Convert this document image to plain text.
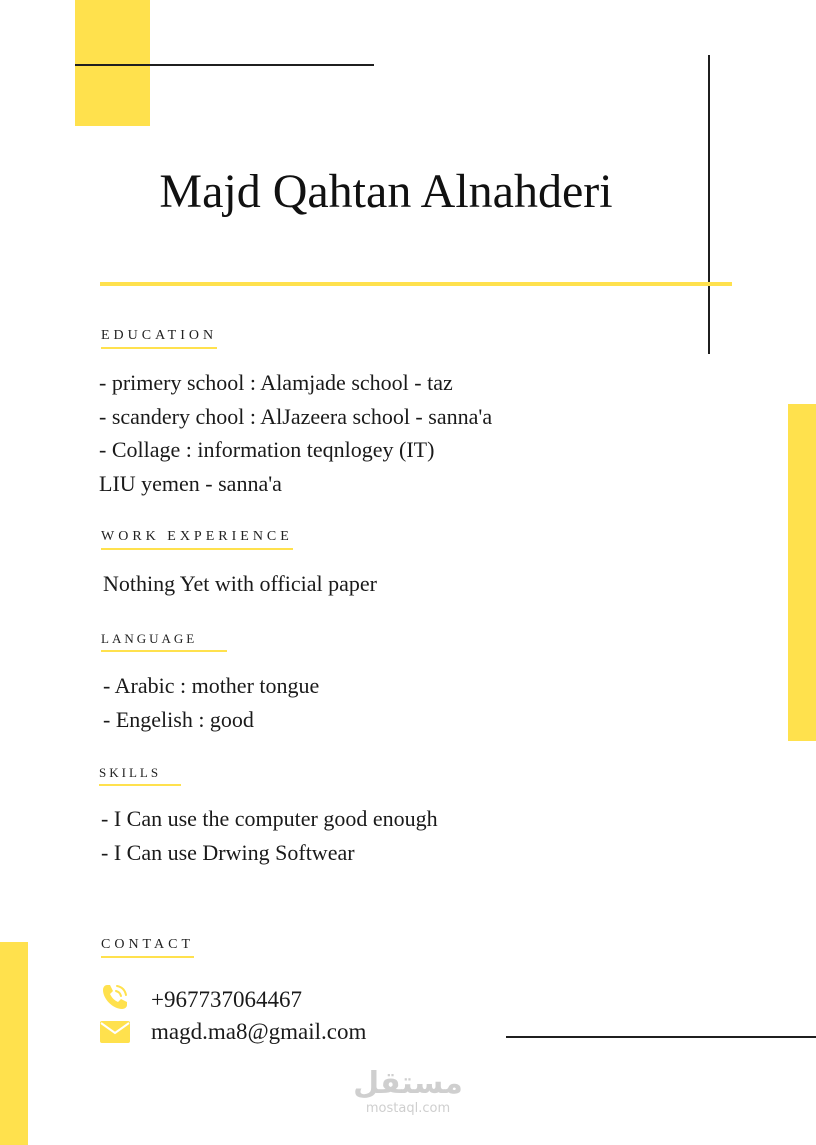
Majd Qahtan Alnahderi
EDUCATION
- primery school : Alamjade school - taz
- scandery chool : AlJazeera school - sanna'a
- Collage : information teqnlogey (IT)
LIU yemen - sanna'a
WORK EXPERIENCE
Nothing Yet with official paper
LANGUAGE
- Arabic : mother tongue
- Engelish : good
SKILLS
- I Can use the computer good enough
- I Can use Drwing Softwear
CONTACT
+967737064467
magd.ma8@gmail.com
مستقل
mostaql.com
